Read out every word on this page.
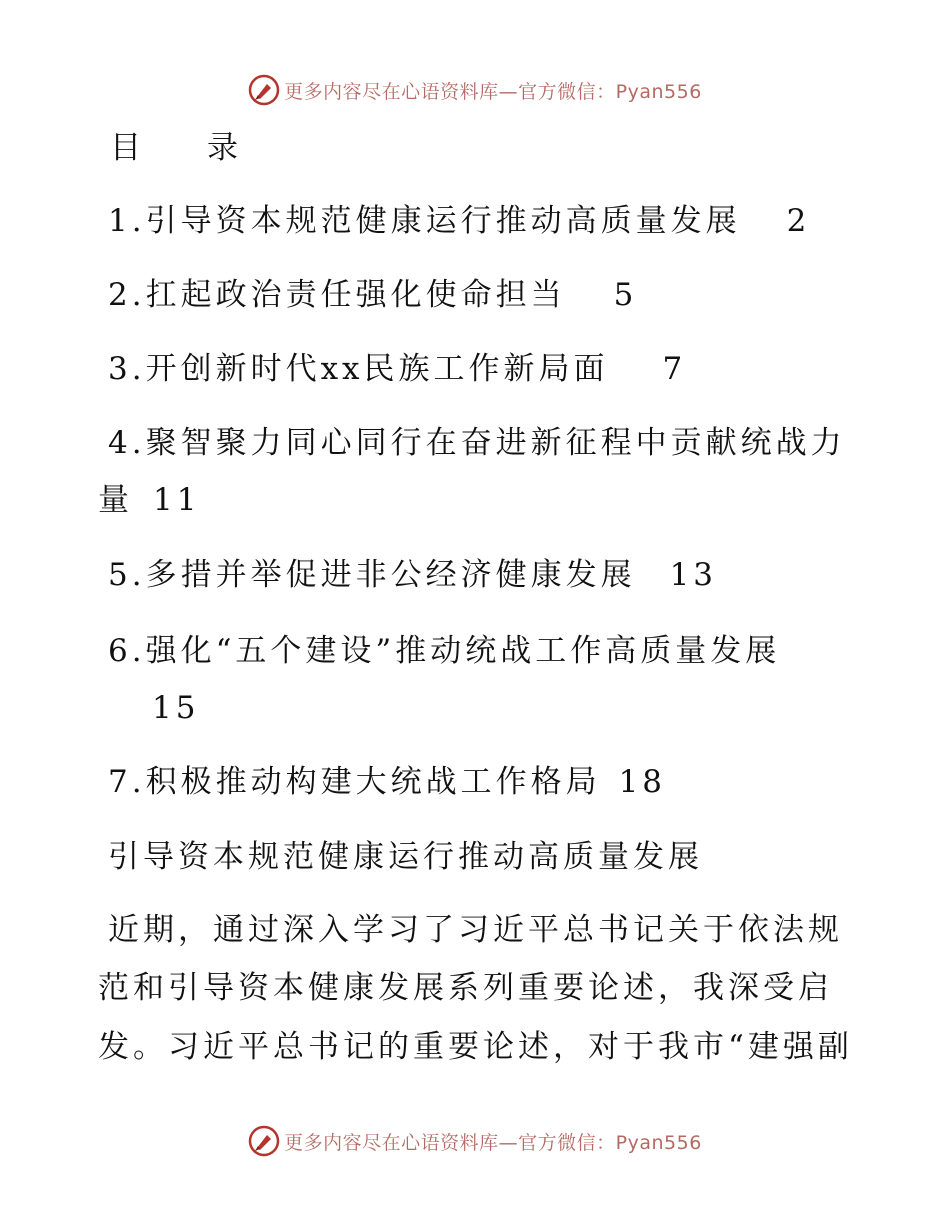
更多内容尽在心语资料库—官方微信：Pyan556
目 录
1.引导资本规范健康运行推动高质量发展 2
2.扛起政治责任强化使命担当 5
3.开创新时代xx民族工作新局面 7
4.聚智聚力同心同行在奋进新征程中贡献统战力
量 11
5.多措并举促进非公经济健康发展 13
6.强化“五个建设”推动统战工作高质量发展
15
7.积极推动构建大统战工作格局 18
引导资本规范健康运行推动高质量发展
近期，通过深入学习了习近平总书记关于依法规
范和引导资本健康发展系列重要论述，我深受启
发。习近平总书记的重要论述，对于我市“建强副
更多内容尽在心语资料库—官方微信：Pyan556
